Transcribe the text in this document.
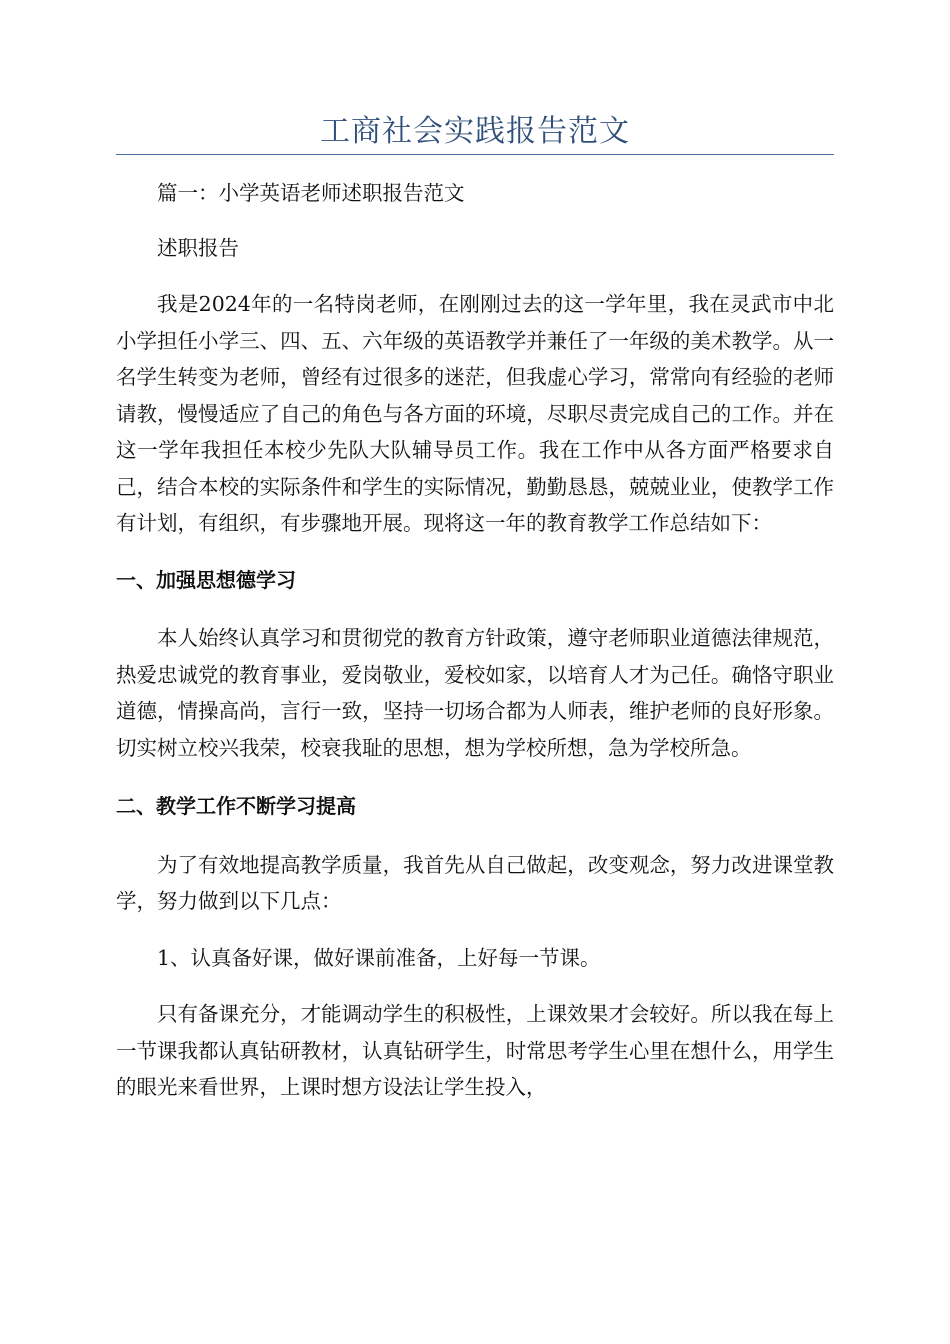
工商社会实践报告范文

篇一：小学英语老师述职报告范文

述职报告

我是2024年的一名特岗老师，在刚刚过去的这一学年里，我在灵武市中北小学担任小学三、四、五、六年级的英语教学并兼任了一年级的美术教学。从一名学生转变为老师，曾经有过很多的迷茫，但我虚心学习，常常向有经验的老师请教，慢慢适应了自己的角色与各方面的环境，尽职尽责完成自己的工作。并在这一学年我担任本校少先队大队辅导员工作。我在工作中从各方面严格要求自己，结合本校的实际条件和学生的实际情况，勤勤恳恳，兢兢业业，使教学工作有计划，有组织，有步骤地开展。现将这一年的教育教学工作总结如下：

一、加强思想德学习

本人始终认真学习和贯彻党的教育方针政策，遵守老师职业道德法律规范，热爱忠诚党的教育事业，爱岗敬业，爱校如家，以培育人才为己任。确恪守职业道德，情操高尚，言行一致，坚持一切场合都为人师表，维护老师的良好形象。切实树立校兴我荣，校衰我耻的思想，想为学校所想，急为学校所急。

二、教学工作不断学习提高

为了有效地提高教学质量，我首先从自己做起，改变观念，努力改进课堂教学，努力做到以下几点：

1、认真备好课，做好课前准备，上好每一节课。

只有备课充分，才能调动学生的积极性，上课效果才会较好。所以我在每上一节课我都认真钻研教材，认真钻研学生，时常思考学生心里在想什么，用学生的眼光来看世界，上课时想方设法让学生投入，
